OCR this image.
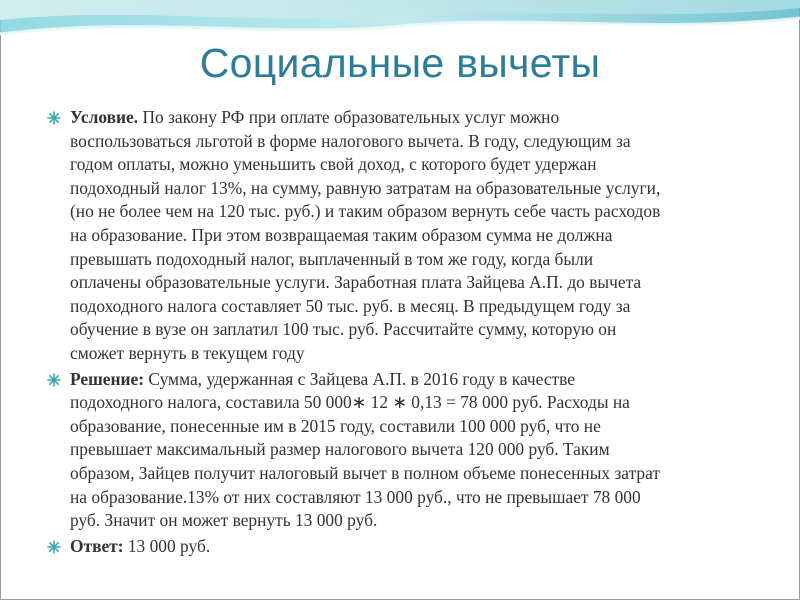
Социальные вычеты
Условие. По закону РФ при оплате образовательных услуг можно
воспользоваться льготой в форме налогового вычета. В году, следующим за
годом оплаты, можно уменьшить свой доход, с которого будет удержан
подоходный налог 13%, на сумму, равную затратам на образовательные услуги,
(но не более чем на 120 тыс. руб.) и таким образом вернуть себе часть расходов
на образование. При этом возвращаемая таким образом сумма не должна
превышать подоходный налог, выплаченный в том же году, когда были
оплачены образовательные услуги. Заработная плата Зайцева А.П. до вычета
подоходного налога составляет 50 тыс. руб. в месяц. В предыдущем году за
обучение в вузе он заплатил 100 тыс. руб. Рассчитайте сумму, которую он
сможет вернуть в текущем году
Решение: Сумма, удержанная с Зайцева А.П. в 2016 году в качестве
подоходного налога, составила 50 000∗ 12 ∗ 0,13 = 78 000 руб. Расходы на
образование, понесенные им в 2015 году, составили 100 000 руб, что не
превышает максимальный размер налогового вычета 120 000 руб. Таким
образом, Зайцев получит налоговый вычет в полном объеме понесенных затрат
на образование.13% от них составляют 13 000 руб., что не превышает 78 000
руб. Значит он может вернуть 13 000 руб.
Ответ: 13 000 руб.
